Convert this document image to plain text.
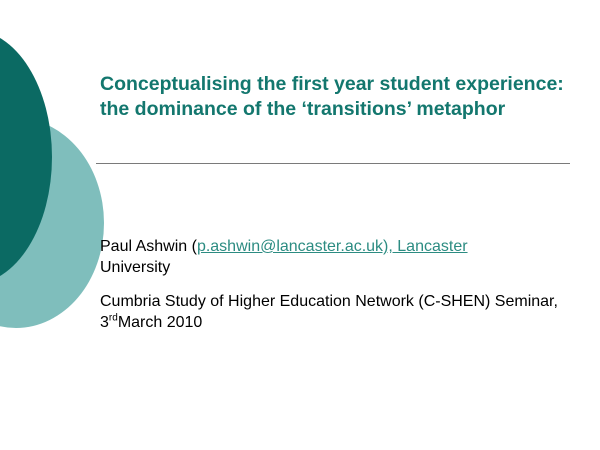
Conceptualising the first year student experience: the dominance of the ‘transitions’ metaphor
Paul Ashwin (p.ashwin@lancaster.ac.uk), Lancaster
University
Cumbria Study of Higher Education Network (C-SHEN) Seminar, 3rdMarch 2010
